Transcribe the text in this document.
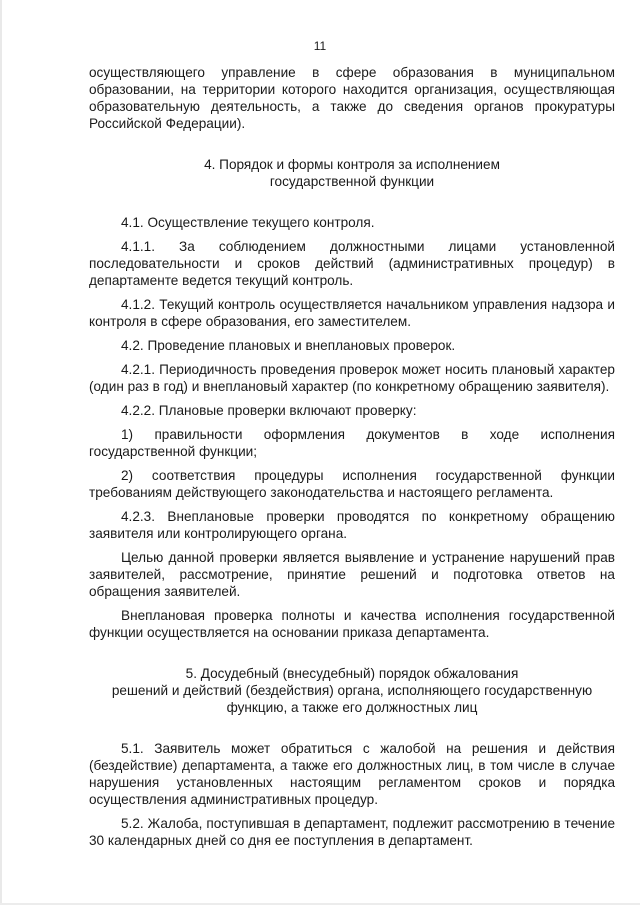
11

осуществляющего управление в сфере образования в муниципальном образовании, на территории которого находится организация, осуществляющая образовательную деятельность, а также до сведения органов прокуратуры Российской Федерации).

4. Порядок и формы контроля за исполнением

государственной функции

4.1. Осуществление текущего контроля.

4.1.1. За соблюдением должностными лицами установленной последовательности и сроков действий (административных процедур) в департаменте ведется текущий контроль.

4.1.2. Текущий контроль осуществляется начальником управления надзора и контроля в сфере образования, его заместителем.

4.2. Проведение плановых и внеплановых проверок.

4.2.1. Периодичность проведения проверок может носить плановый характер (один раз в год) и внеплановый характер (по конкретному обращению заявителя).

4.2.2. Плановые проверки включают проверку:

1) правильности оформления документов в ходе исполнения государственной функции;

2) соответствия процедуры исполнения государственной функции требованиям действующего законодательства и настоящего регламента.

4.2.3. Внеплановые проверки проводятся по конкретному обращению заявителя или контролирующего органа.

Целью данной проверки является выявление и устранение нарушений прав заявителей, рассмотрение, принятие решений и подготовка ответов на обращения заявителей.

Внеплановая проверка полноты и качества исполнения государственной функции осуществляется на основании приказа департамента.

5. Досудебный (внесудебный) порядок обжалования

решений и действий (бездействия) органа, исполняющего государственную

функцию, а также его должностных лиц

5.1. Заявитель может обратиться с жалобой на решения и действия (бездействие) департамента, а также его должностных лиц, в том числе в случае нарушения установленных настоящим регламентом сроков и порядка осуществления административных процедур.

5.2. Жалоба, поступившая в департамент, подлежит рассмотрению в течение 30 календарных дней со дня ее поступления в департамент.
